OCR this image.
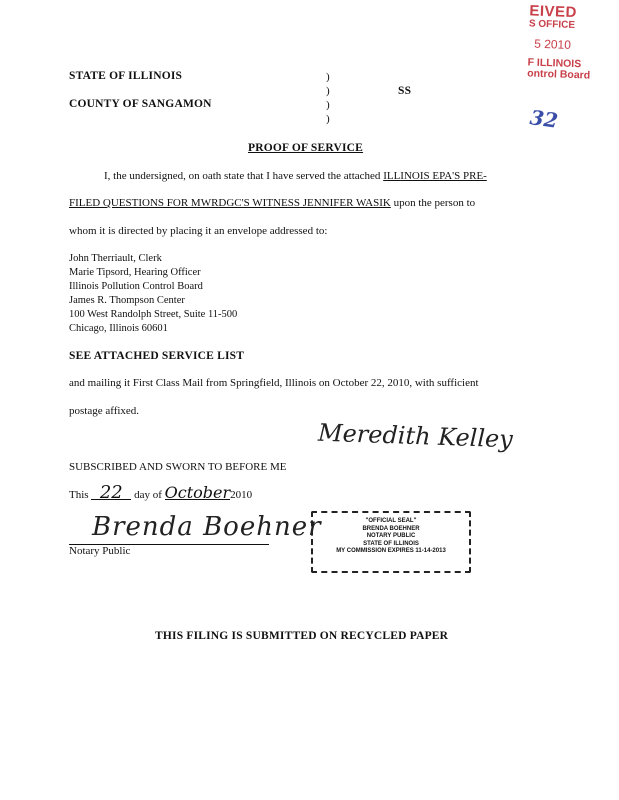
EIVED
S OFFICE
5 2010
F ILLINOIS
ontrol Board
32
STATE OF ILLINOIS
COUNTY OF SANGAMON
)
)
)
)
SS
PROOF OF SERVICE
I, the undersigned, on oath state that I have served the attached ILLINOIS EPA'S PRE-
FILED QUESTIONS FOR MWRDGC'S WITNESS JENNIFER WASIK upon the person to
whom it is directed by placing it an envelope addressed to:
John Therriault, Clerk
Marie Tipsord, Hearing Officer
Illinois Pollution Control Board
James R. Thompson Center
100 West Randolph Street, Suite 11-500
Chicago, Illinois 60601
SEE ATTACHED SERVICE LIST
and mailing it First Class Mail from Springfield, Illinois on October 22, 2010, with sufficient
postage affixed.
Meredith Kelley
SUBSCRIBED AND SWORN TO BEFORE ME
This 22 day of October2010
Brenda Boehner
Notary Public
"OFFICIAL SEAL"
BRENDA BOEHNER
NOTARY PUBLIC
STATE OF ILLINOIS
MY COMMISSION EXPIRES 11-14-2013
THIS FILING IS SUBMITTED ON RECYCLED PAPER
